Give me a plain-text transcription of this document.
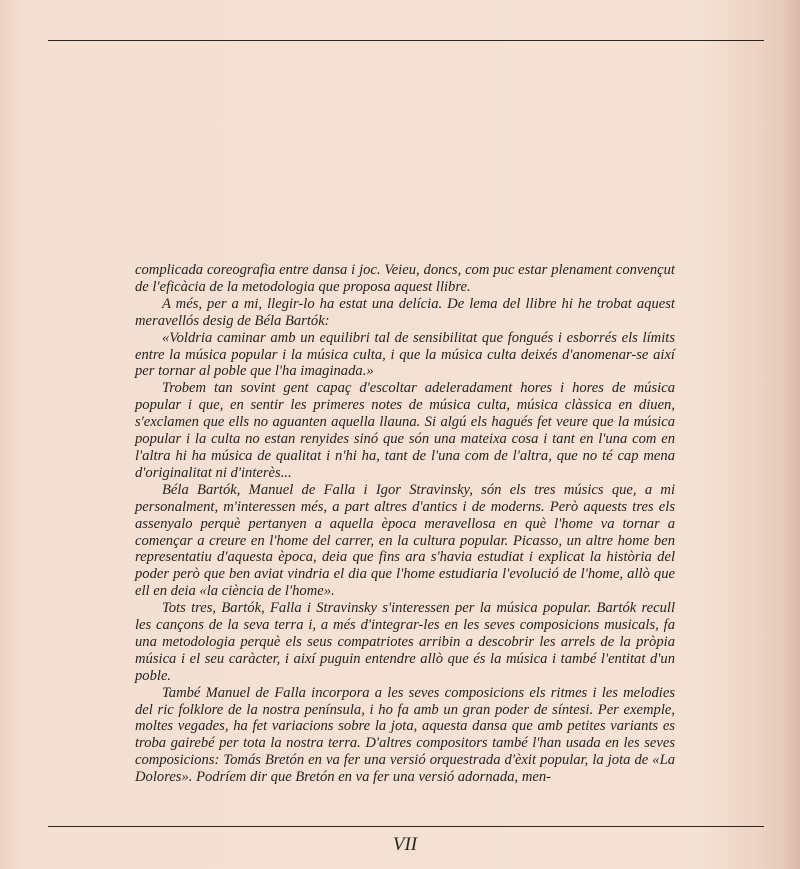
complicada coreografia entre dansa i joc. Veieu, doncs, com puc estar plenament convençut de l'eficàcia de la metodologia que proposa aquest llibre.

A més, per a mi, llegir-lo ha estat una delícia. De lema del llibre hi he trobat aquest meravellós desig de Béla Bartók:

«Voldria caminar amb un equilibri tal de sensibilitat que fongués i esborrés els límits entre la música popular i la música culta, i que la música culta deixés d'anomenar-se així per tornar al poble que l'ha imaginada.»

Trobem tan sovint gent capaç d'escoltar adeleradament hores i hores de música popular i que, en sentir les primeres notes de música culta, música clàssica en diuen, s'exclamen que ells no aguanten aquella llauna. Si algú els hagués fet veure que la música popular i la culta no estan renyides sinó que són una mateixa cosa i tant en l'una com en l'altra hi ha música de qualitat i n'hi ha, tant de l'una com de l'altra, que no té cap mena d'originalitat ni d'interès...

Béla Bartók, Manuel de Falla i Igor Stravinsky, són els tres músics que, a mi personalment, m'interessen més, a part altres d'antics i de moderns. Però aquests tres els assenyalo perquè pertanyen a aquella època meravellosa en què l'home va tornar a començar a creure en l'home del carrer, en la cultura popular. Picasso, un altre home ben representatiu d'aquesta època, deia que fins ara s'havia estudiat i explicat la història del poder però que ben aviat vindria el dia que l'home estudiaria l'evolució de l'home, allò que ell en deia «la ciència de l'home».

Tots tres, Bartók, Falla i Stravinsky s'interessen per la música popular. Bartók recull les cançons de la seva terra i, a més d'integrar-les en les seves composicions musicals, fa una metodologia perquè els seus compatriotes arribin a descobrir les arrels de la pròpia música i el seu caràcter, i així puguin entendre allò que és la música i també l'entitat d'un poble.

També Manuel de Falla incorpora a les seves composicions els ritmes i les melodies del ric folklore de la nostra península, i ho fa amb un gran poder de síntesi. Per exemple, moltes vegades, ha fet variacions sobre la jota, aquesta dansa que amb petites variants es troba gairebé per tota la nostra terra. D'altres compositors també l'han usada en les seves composicions: Tomás Bretón en va fer una versió orquestrada d'èxit popular, la jota de «La Dolores». Podríem dir que Bretón en va fer una versió adornada, men-

VII
